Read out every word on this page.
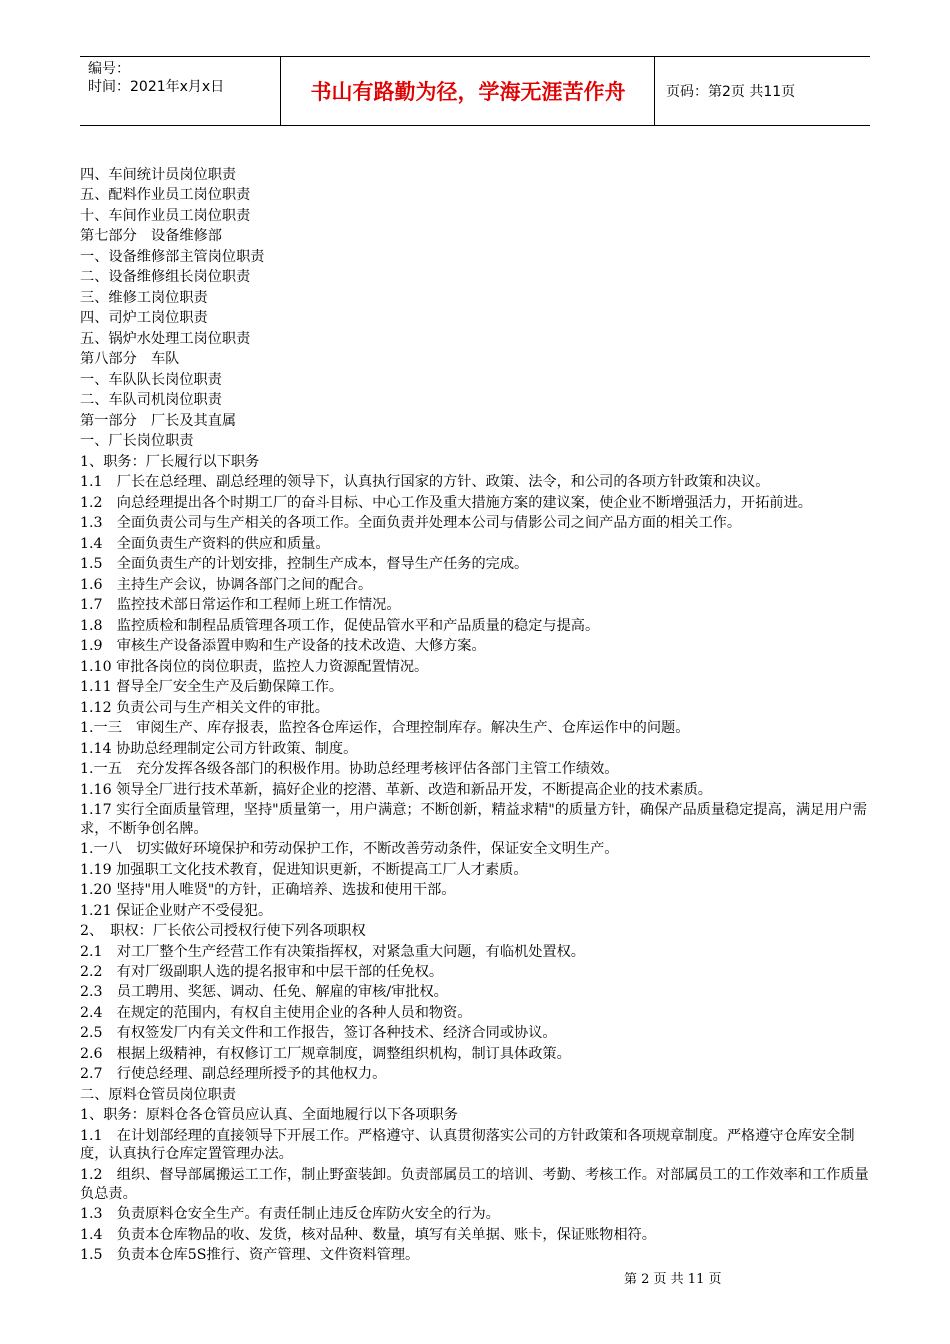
编号：
时间：2021年x月x日	书山有路勤为径，学海无涯苦作舟	页码：第2页 共11页

四、车间统计员岗位职责

五、配料作业员工岗位职责

十、车间作业员工岗位职责

第七部分　设备维修部

一、设备维修部主管岗位职责

二、设备维修组长岗位职责

三、维修工岗位职责

四、司炉工岗位职责

五、锅炉水处理工岗位职责

第八部分　车队

一、车队队长岗位职责

二、车队司机岗位职责

第一部分　厂长及其直属

一、厂长岗位职责

1、职务：厂长履行以下职务

1.1　厂长在总经理、副总经理的领导下，认真执行国家的方针、政策、法令，和公司的各项方针政策和决议。

1.2　向总经理提出各个时期工厂的奋斗目标、中心工作及重大措施方案的建议案，使企业不断增强活力，开拓前进。

1.3　全面负责公司与生产相关的各项工作。全面负责并处理本公司与倩影公司之间产品方面的相关工作。

1.4　全面负责生产资料的供应和质量。

1.5　全面负责生产的计划安排，控制生产成本，督导生产任务的完成。

1.6　主持生产会议，协调各部门之间的配合。

1.7　监控技术部日常运作和工程师上班工作情况。

1.8　监控质检和制程品质管理各项工作，促使品管水平和产品质量的稳定与提高。

1.9　审核生产设备添置申购和生产设备的技术改造、大修方案。

1.10 审批各岗位的岗位职责，监控人力资源配置情况。

1.11 督导全厂安全生产及后勤保障工作。

1.12 负责公司与生产相关文件的审批。

1.一三　审阅生产、库存报表，监控各仓库运作，合理控制库存。解决生产、仓库运作中的问题。

1.14 协助总经理制定公司方针政策、制度。

1.一五　充分发挥各级各部门的积极作用。协助总经理考核评估各部门主管工作绩效。

1.16 领导全厂进行技术革新，搞好企业的挖潜、革新、改造和新品开发，不断提高企业的技术素质。

1.17 实行全面质量管理，坚持"质量第一，用户满意；不断创新，精益求精"的质量方针，确保产品质量稳定提高，满足用户需求，不断争创名牌。

1.一八　切实做好环境保护和劳动保护工作，不断改善劳动条件，保证安全文明生产。

1.19 加强职工文化技术教育，促进知识更新，不断提高工厂人才素质。

1.20 坚持"用人唯贤"的方针，正确培养、选拔和使用干部。

1.21 保证企业财产不受侵犯。

2、　职权：厂长依公司授权行使下列各项职权

2.1　对工厂整个生产经营工作有决策指挥权，对紧急重大问题，有临机处置权。

2.2　有对厂级副职人选的提名报审和中层干部的任免权。

2.3　员工聘用、奖惩、调动、任免、解雇的审核/审批权。

2.4　在规定的范围内，有权自主使用企业的各种人员和物资。

2.5　有权签发厂内有关文件和工作报告，签订各种技术、经济合同或协议。

2.6　根据上级精神，有权修订工厂规章制度，调整组织机构，制订具体政策。

2.7　行使总经理、副总经理所授予的其他权力。

二、原料仓管员岗位职责

1、职务：原料仓各仓管员应认真、全面地履行以下各项职务

1.1　在计划部经理的直接领导下开展工作。严格遵守、认真贯彻落实公司的方针政策和各项规章制度。严格遵守仓库安全制度，认真执行仓库定置管理办法。

1.2　组织、督导部属搬运工工作，制止野蛮装卸。负责部属员工的培训、考勤、考核工作。对部属员工的工作效率和工作质量负总责。

1.3　负责原料仓安全生产。有责任制止违反仓库防火安全的行为。

1.4　负责本仓库物品的收、发货，核对品种、数量，填写有关单据、账卡，保证账物相符。

1.5　负责本仓库5S推行、资产管理、文件资料管理。

第 2 页 共 11 页
